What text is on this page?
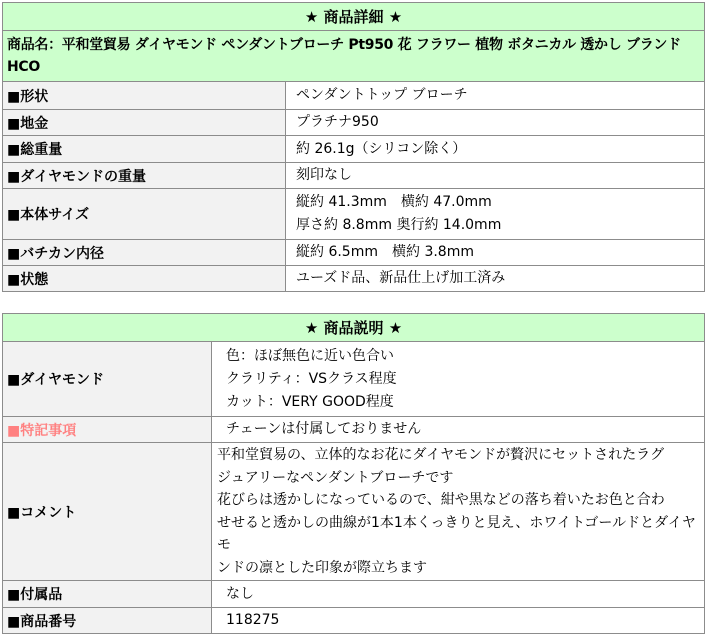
★ 商品詳細 ★	
商品名：平和堂貿易 ダイヤモンド ペンダントブローチ Pt950 花 フラワー 植物 ボタニカル 透かし ブランド HCO	
■形状	ペンダントトップ ブローチ
■地金	プラチナ950
■総重量	約 26.1g（シリコン除く）
■ダイヤモンドの重量	刻印なし
■本体サイズ	縦約 41.3mm　横約 47.0mm
厚さ約 8.8mm 奥行約 14.0mm

■バチカン内径	縦約 6.5mm　横約 3.8mm
■状態	ユーズド品、新品仕上げ加工済み
★ 商品説明 ★	
■ダイヤモンド	色：ほぼ無色に近い色合い
クラリティ：VSクラス程度
カット：VERY GOOD程度

■特記事項	チェーンは付属しておりません
■コメント	平和堂貿易の、立体的なお花にダイヤモンドが贅沢にセットされたラグ
ジュアリーなペンダントブローチです
花びらは透かしになっているので、紺や黒などの落ち着いたお色と合わ
せせると透かしの曲線が1本1本くっきりと見え、ホワイトゴールドとダイヤモ
ンドの凛とした印象が際立ちます

■付属品	なし
■商品番号	118275
